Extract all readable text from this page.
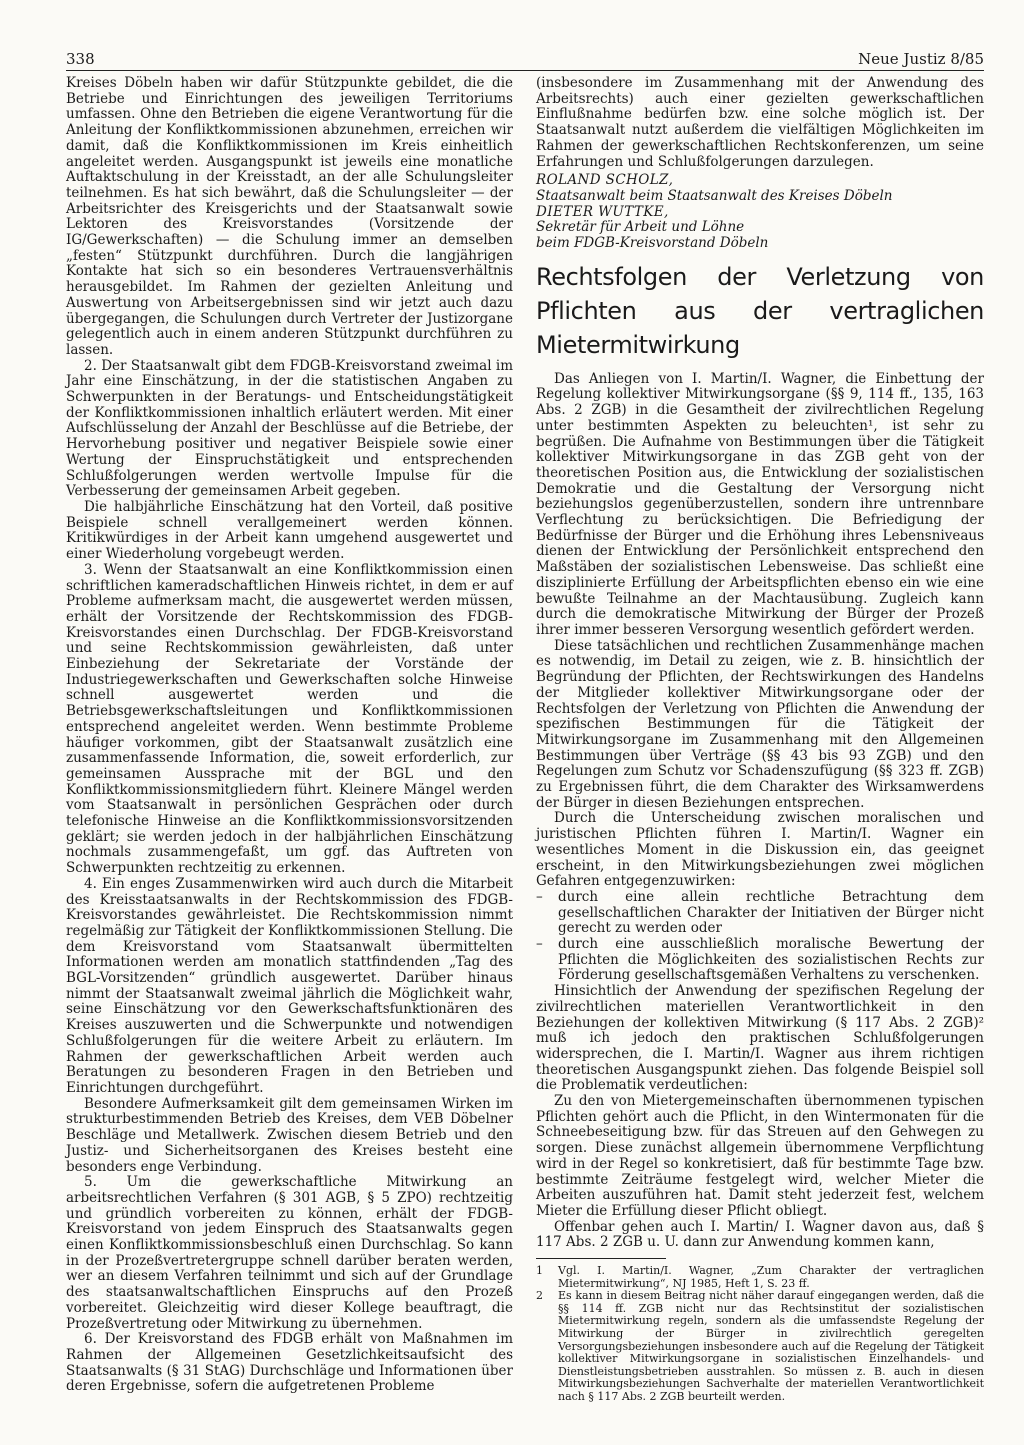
338	Neue Justiz 8/85

Kreises Döbeln haben wir dafür Stützpunkte gebildet, die die Betriebe und Einrichtungen des jeweiligen Territoriums umfassen. Ohne den Betrieben die eigene Verantwortung für die Anleitung der Konfliktkommissionen abzunehmen, erreichen wir damit, daß die Konfliktkommissionen im Kreis einheitlich angeleitet werden. Ausgangspunkt ist jeweils eine monatliche Auftaktschulung in der Kreisstadt, an der alle Schulungsleiter teilnehmen. Es hat sich bewährt, daß die Schulungsleiter — der Arbeitsrichter des Kreisgerichts und der Staatsanwalt sowie Lektoren des Kreisvorstandes (Vorsitzende der IG/Gewerkschaften) — die Schulung immer an demselben „festen“ Stützpunkt durchführen. Durch die langjährigen Kontakte hat sich so ein besonderes Vertrauensverhältnis herausgebildet. Im Rahmen der gezielten Anleitung und Auswertung von Arbeitsergebnissen sind wir jetzt auch dazu übergegangen, die Schulungen durch Vertreter der Justizorgane gelegentlich auch in einem anderen Stützpunkt durchführen zu lassen.

2. Der Staatsanwalt gibt dem FDGB-Kreisvorstand zweimal im Jahr eine Einschätzung, in der die statistischen Angaben zu Schwerpunkten in der Beratungs- und Entscheidungstätigkeit der Konfliktkommissionen inhaltlich erläutert werden. Mit einer Aufschlüsselung der Anzahl der Beschlüsse auf die Betriebe, der Hervorhebung positiver und negativer Beispiele sowie einer Wertung der Einspruchstätigkeit und entsprechenden Schlußfolgerungen werden wertvolle Impulse für die Verbesserung der gemeinsamen Arbeit gegeben.

Die halbjährliche Einschätzung hat den Vorteil, daß positive Beispiele schnell verallgemeinert werden können. Kritikwürdiges in der Arbeit kann umgehend ausgewertet und einer Wiederholung vorgebeugt werden.

3. Wenn der Staatsanwalt an eine Konfliktkommission einen schriftlichen kameradschaftlichen Hinweis richtet, in dem er auf Probleme aufmerksam macht, die ausgewertet werden müssen, erhält der Vorsitzende der Rechtskommission des FDGB-Kreisvorstandes einen Durchschlag. Der FDGB-Kreisvorstand und seine Rechtskommission gewährleisten, daß unter Einbeziehung der Sekretariate der Vorstände der Industriegewerkschaften und Gewerkschaften solche Hinweise schnell ausgewertet werden und die Betriebsgewerkschaftsleitungen und Konfliktkommissionen entsprechend angeleitet werden. Wenn bestimmte Probleme häufiger vorkommen, gibt der Staatsanwalt zusätzlich eine zusammenfassende Information, die, soweit erforderlich, zur gemeinsamen Aussprache mit der BGL und den Konfliktkommissionsmitgliedern führt. Kleinere Mängel werden vom Staatsanwalt in persönlichen Gesprächen oder durch telefonische Hinweise an die Konfliktkommissionsvorsitzenden geklärt; sie werden jedoch in der halbjährlichen Einschätzung nochmals zusammengefaßt, um ggf. das Auftreten von Schwerpunkten rechtzeitig zu erkennen.

4. Ein enges Zusammenwirken wird auch durch die Mitarbeit des Kreisstaatsanwalts in der Rechtskommission des FDGB-Kreisvorstandes gewährleistet. Die Rechtskommission nimmt regelmäßig zur Tätigkeit der Konfliktkommissionen Stellung. Die dem Kreisvorstand vom Staatsanwalt übermittelten Informationen werden am monatlich stattfindenden „Tag des BGL-Vorsitzenden“ gründlich ausgewertet. Darüber hinaus nimmt der Staatsanwalt zweimal jährlich die Möglichkeit wahr, seine Einschätzung vor den Gewerkschaftsfunktionären des Kreises auszuwerten und die Schwerpunkte und notwendigen Schlußfolgerungen für die weitere Arbeit zu erläutern. Im Rahmen der gewerkschaftlichen Arbeit werden auch Beratungen zu besonderen Fragen in den Betrieben und Einrichtungen durchgeführt.

Besondere Aufmerksamkeit gilt dem gemeinsamen Wirken im strukturbestimmenden Betrieb des Kreises, dem VEB Döbelner Beschläge und Metallwerk. Zwischen diesem Betrieb und den Justiz- und Sicherheitsorganen des Kreises besteht eine besonders enge Verbindung.

5. Um die gewerkschaftliche Mitwirkung an arbeitsrechtlichen Verfahren (§ 301 AGB, § 5 ZPO) rechtzeitig und gründlich vorbereiten zu können, erhält der FDGB-Kreisvorstand von jedem Einspruch des Staatsanwalts gegen einen Konfliktkommissionsbeschluß einen Durchschlag. So kann in der Prozeßvertretergruppe schnell darüber beraten werden, wer an diesem Verfahren teilnimmt und sich auf der Grundlage des staatsanwaltschaftlichen Einspruchs auf den Prozeß vorbereitet. Gleichzeitig wird dieser Kollege beauftragt, die Prozeßvertretung oder Mitwirkung zu übernehmen.

6. Der Kreisvorstand des FDGB erhält von Maßnahmen im Rahmen der Allgemeinen Gesetzlichkeitsaufsicht des Staatsanwalts (§ 31 StAG) Durchschläge und Informationen über deren Ergebnisse, sofern die aufgetretenen Probleme

(insbesondere im Zusammenhang mit der Anwendung des Arbeitsrechts) auch einer gezielten gewerkschaftlichen Einflußnahme bedürfen bzw. eine solche möglich ist. Der Staatsanwalt nutzt außerdem die vielfältigen Möglichkeiten im Rahmen der gewerkschaftlichen Rechtskonferenzen, um seine Erfahrungen und Schlußfolgerungen darzulegen.

ROLAND SCHOLZ,
Staatsanwalt beim Staatsanwalt des Kreises Döbeln
DIETER WUTTKE,
Sekretär für Arbeit und Löhne
beim FDGB-Kreisvorstand Döbeln
Rechtsfolgen der Verletzung von Pflichten aus der vertraglichen Mietermitwirkung

Das Anliegen von I. Martin/I. Wagner, die Einbettung der Regelung kollektiver Mitwirkungsorgane (§§ 9, 114 ff., 135, 163 Abs. 2 ZGB) in die Gesamtheit der zivilrechtlichen Regelung unter bestimmten Aspekten zu beleuchten¹, ist sehr zu begrüßen. Die Aufnahme von Bestimmungen über die Tätigkeit kollektiver Mitwirkungsorgane in das ZGB geht von der theoretischen Position aus, die Entwicklung der sozialistischen Demokratie und die Gestaltung der Versorgung nicht beziehungslos gegenüberzustellen, sondern ihre untrennbare Verflechtung zu berücksichtigen. Die Befriedigung der Bedürfnisse der Bürger und die Erhöhung ihres Lebensniveaus dienen der Entwicklung der Persönlichkeit entsprechend den Maßstäben der sozialistischen Lebensweise. Das schließt eine disziplinierte Erfüllung der Arbeitspflichten ebenso ein wie eine bewußte Teilnahme an der Machtausübung. Zugleich kann durch die demokratische Mitwirkung der Bürger der Prozeß ihrer immer besseren Versorgung wesentlich gefördert werden.

Diese tatsächlichen und rechtlichen Zusammenhänge machen es notwendig, im Detail zu zeigen, wie z. B. hinsichtlich der Begründung der Pflichten, der Rechtswirkungen des Handelns der Mitglieder kollektiver Mitwirkungsorgane oder der Rechtsfolgen der Verletzung von Pflichten die Anwendung der spezifischen Bestimmungen für die Tätigkeit der Mitwirkungsorgane im Zusammenhang mit den Allgemeinen Bestimmungen über Verträge (§§ 43 bis 93 ZGB) und den Regelungen zum Schutz vor Schadenszufügung (§§ 323 ff. ZGB) zu Ergebnissen führt, die dem Charakter des Wirksamwerdens der Bürger in diesen Beziehungen entsprechen.

Durch die Unterscheidung zwischen moralischen und juristischen Pflichten führen I. Martin/I. Wagner ein wesentliches Moment in die Diskussion ein, das geeignet erscheint, in den Mitwirkungsbeziehungen zwei möglichen Gefahren entgegenzuwirken:

– durch eine allein rechtliche Betrachtung dem gesellschaftlichen Charakter der Initiativen der Bürger nicht gerecht zu werden oder
– durch eine ausschließlich moralische Bewertung der Pflichten die Möglichkeiten des sozialistischen Rechts zur Förderung gesellschaftsgemäßen Verhaltens zu verschenken.

Hinsichtlich der Anwendung der spezifischen Regelung der zivilrechtlichen materiellen Verantwortlichkeit in den Beziehungen der kollektiven Mitwirkung (§ 117 Abs. 2 ZGB)² muß ich jedoch den praktischen Schlußfolgerungen widersprechen, die I. Martin/I. Wagner aus ihrem richtigen theoretischen Ausgangspunkt ziehen. Das folgende Beispiel soll die Problematik verdeutlichen:

Zu den von Mietergemeinschaften übernommenen typischen Pflichten gehört auch die Pflicht, in den Wintermonaten für die Schneebeseitigung bzw. für das Streuen auf den Gehwegen zu sorgen. Diese zunächst allgemein übernommene Verpflichtung wird in der Regel so konkretisiert, daß für bestimmte Tage bzw. bestimmte Zeiträume festgelegt wird, welcher Mieter die Arbeiten auszuführen hat. Damit steht jederzeit fest, welchem Mieter die Erfüllung dieser Pflicht obliegt.

Offenbar gehen auch I. Martin/ I. Wagner davon aus, daß § 117 Abs. 2 ZGB u. U. dann zur Anwendung kommen kann,

1	Vgl. I. Martin/I. Wagner, „Zum Charakter der vertraglichen Mietermitwirkung“, NJ 1985, Heft 1, S. 23 ff.
2	Es kann in diesem Beitrag nicht näher darauf eingegangen werden, daß die §§ 114 ff. ZGB nicht nur das Rechtsinstitut der sozialistischen Mietermitwirkung regeln, sondern als die umfassendste Regelung der Mitwirkung der Bürger in zivilrechtlich geregelten Versorgungsbeziehungen insbesondere auch auf die Regelung der Tätigkeit kollektiver Mitwirkungsorgane in sozialistischen Einzelhandels- und Dienstleistungsbetrieben ausstrahlen. So müssen z. B. auch in diesen Mitwirkungsbeziehungen Sachverhalte der materiellen Verantwortlichkeit nach § 117 Abs. 2 ZGB beurteilt werden.
